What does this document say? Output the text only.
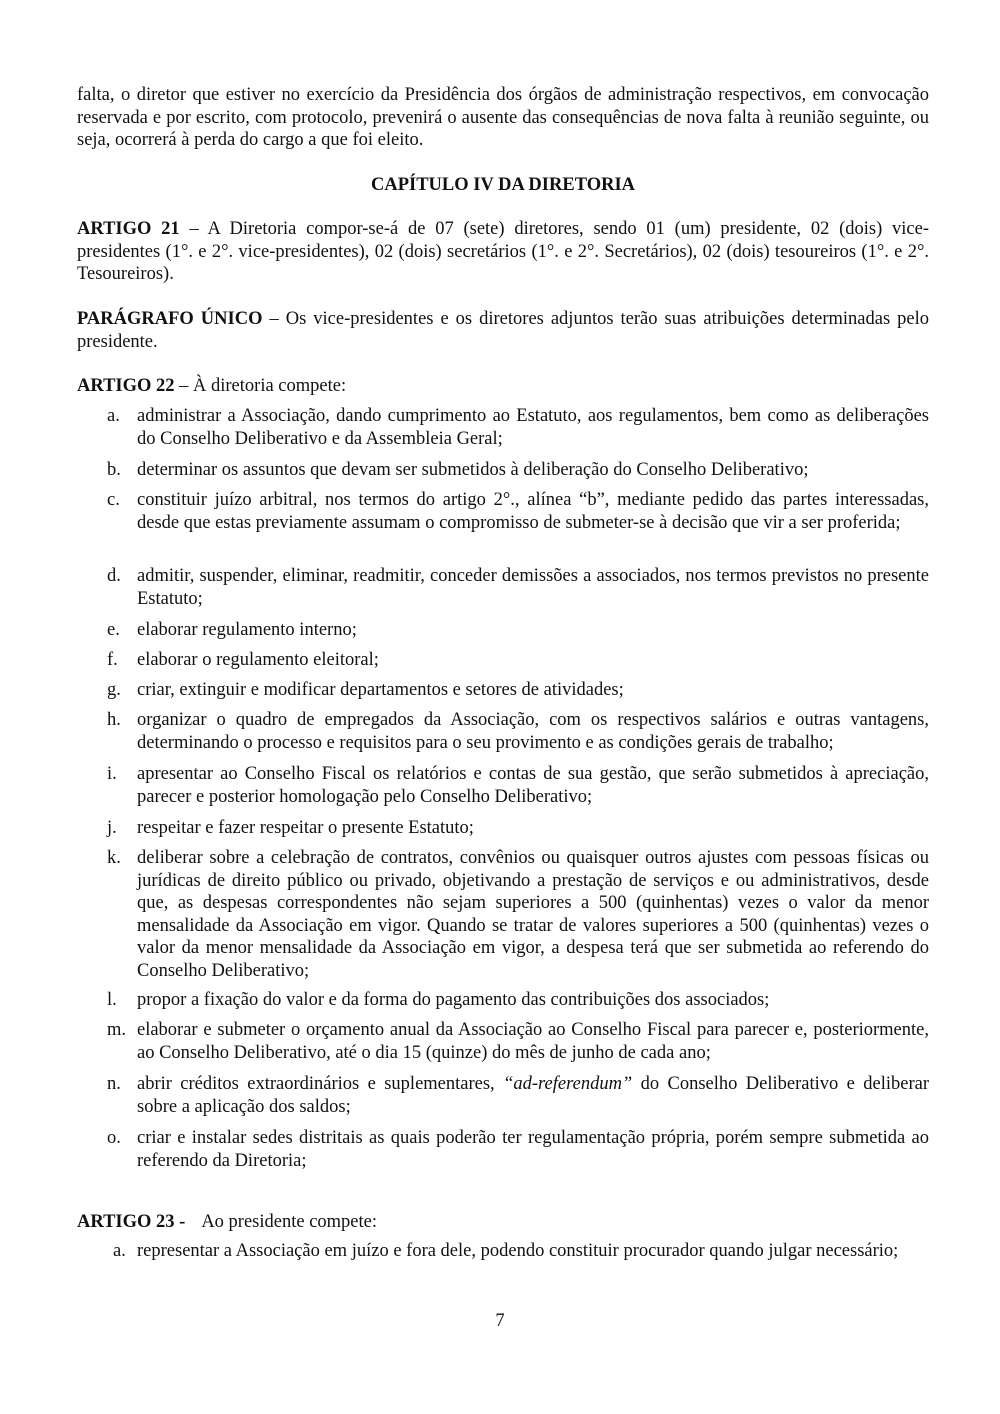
falta, o diretor que estiver no exercício da Presidência dos órgãos de administração respectivos, em convocação reservada e por escrito, com protocolo, prevenirá o ausente das consequências de nova falta à reunião seguinte, ou seja, ocorrerá à perda do cargo a que foi eleito.
CAPÍTULO IV DA DIRETORIA
ARTIGO 21 – A Diretoria compor-se-á de 07 (sete) diretores, sendo 01 (um) presidente, 02 (dois) vice-presidentes (1°. e 2°. vice-presidentes), 02 (dois) secretários (1°. e 2°. Secretários), 02 (dois) tesoureiros (1°. e 2°. Tesoureiros).
PARÁGRAFO ÚNICO – Os vice-presidentes e os diretores adjuntos terão suas atribuições determinadas pelo presidente.
ARTIGO 22 – À diretoria compete:
a. administrar a Associação, dando cumprimento ao Estatuto, aos regulamentos, bem como as deliberações do Conselho Deliberativo e da Assembleia Geral;
b. determinar os assuntos que devam ser submetidos à deliberação do Conselho Deliberativo;
c. constituir juízo arbitral, nos termos do artigo 2°., alínea “b”, mediante pedido das partes interessadas, desde que estas previamente assumam o compromisso de submeter-se à decisão que vir a ser proferida;
d. admitir, suspender, eliminar, readmitir, conceder demissões a associados, nos termos previstos no presente Estatuto;
e. elaborar regulamento interno;
f.	elaborar o regulamento eleitoral;
g. criar, extinguir e modificar departamentos e setores de atividades;
h. organizar o quadro de empregados da Associação, com os respectivos salários e outras vantagens, determinando o processo e requisitos para o seu provimento e as condições gerais de trabalho;
i.	apresentar ao Conselho Fiscal os relatórios e contas de sua gestão, que serão submetidos à apreciação, parecer e posterior homologação pelo Conselho Deliberativo;
j.	respeitar e fazer respeitar o presente Estatuto;
k. deliberar sobre a celebração de contratos, convênios ou quaisquer outros ajustes com pessoas físicas ou jurídicas de direito público ou privado, objetivando a prestação de serviços e ou administrativos, desde que, as despesas correspondentes não sejam superiores a 500 (quinhentas) vezes o valor da menor mensalidade da Associação em vigor. Quando se tratar de valores superiores a 500 (quinhentas) vezes o valor da menor mensalidade da Associação em vigor, a despesa terá que ser submetida ao referendo do Conselho Deliberativo;
l.	propor a fixação do valor e da forma do pagamento das contribuições dos associados;
m. elaborar e submeter o orçamento anual da Associação ao Conselho Fiscal para parecer e, posteriormente, ao Conselho Deliberativo, até o dia 15 (quinze) do mês de junho de cada ano;
n. abrir créditos extraordinários e suplementares, “ad-referendum” do Conselho Deliberativo e deliberar sobre a aplicação dos saldos;
o. criar e instalar sedes distritais as quais poderão ter regulamentação própria, porém sempre submetida ao referendo da Diretoria;
ARTIGO 23 - Ao presidente compete:
a. representar a Associação em juízo e fora dele, podendo constituir procurador quando julgar necessário;
7
